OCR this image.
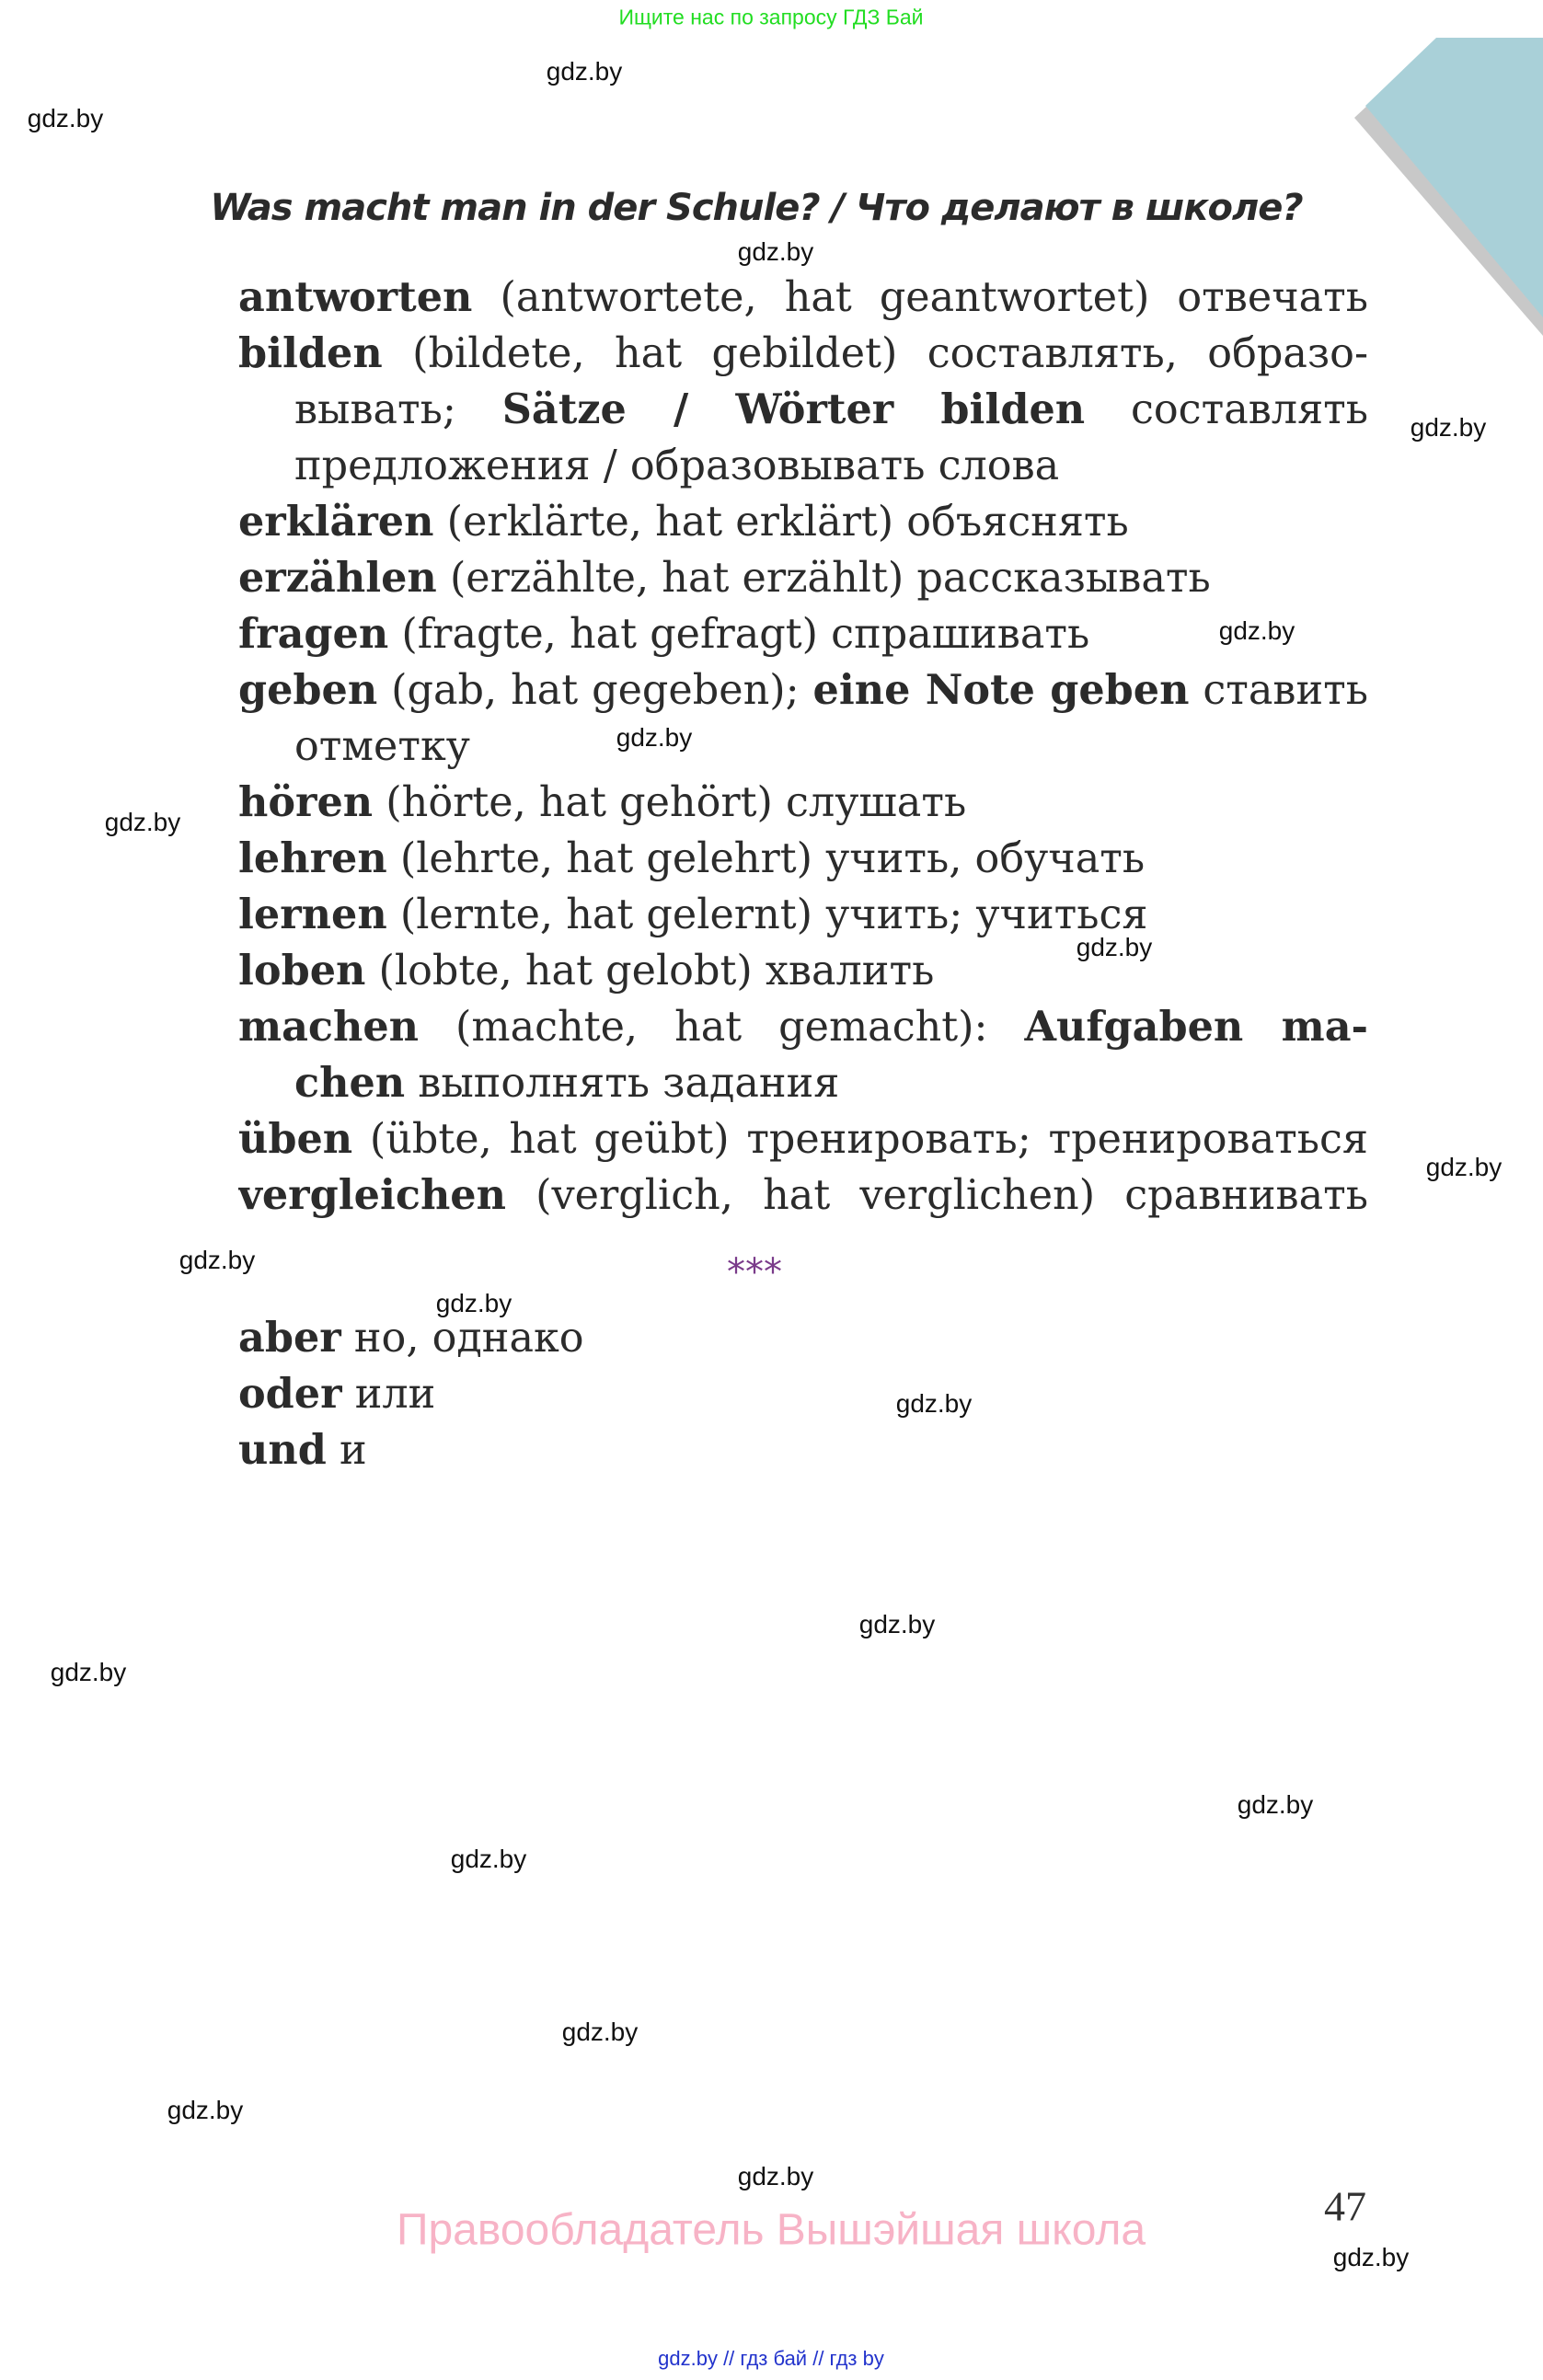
Ищите нас по запросу ГДЗ Бай
Was macht man in der Schule? / Что делают в школе?
antworten (antwortete, hat geantwortet) отвечать
bilden (bildete, hat gebildet) составлять, образо-
вывать; Sätze / Wörter bilden составлять
предложения / образовывать слова
erklären (erklärte, hat erklärt) объяснять
erzählen (erzählte, hat erzählt) рассказывать
fragen (fragte, hat gefragt) спрашивать
geben (gab, hat gegeben); eine Note geben ставить
отметку
hören (hörte, hat gehört) слушать
lehren (lehrte, hat gelehrt) учить, обучать
lernen (lernte, hat gelernt) учить; учиться
loben (lobte, hat gelobt) хвалить
machen (machte, hat gemacht): Aufgaben ma-
chen выполнять задания
üben (übte, hat geübt) тренировать; тренироваться
vergleichen (verglich, hat verglichen) сравнивать
***
aber но, однако
oder или
und и
47
Правообладатель Вышэйшая школа
gdz.by // гдз бай // гдз by
gdz.by
gdz.by
gdz.by
gdz.by
gdz.by
gdz.by
gdz.by
gdz.by
gdz.by
gdz.by
gdz.by
gdz.by
gdz.by
gdz.by
gdz.by
gdz.by
gdz.by
gdz.by
gdz.by
gdz.by
